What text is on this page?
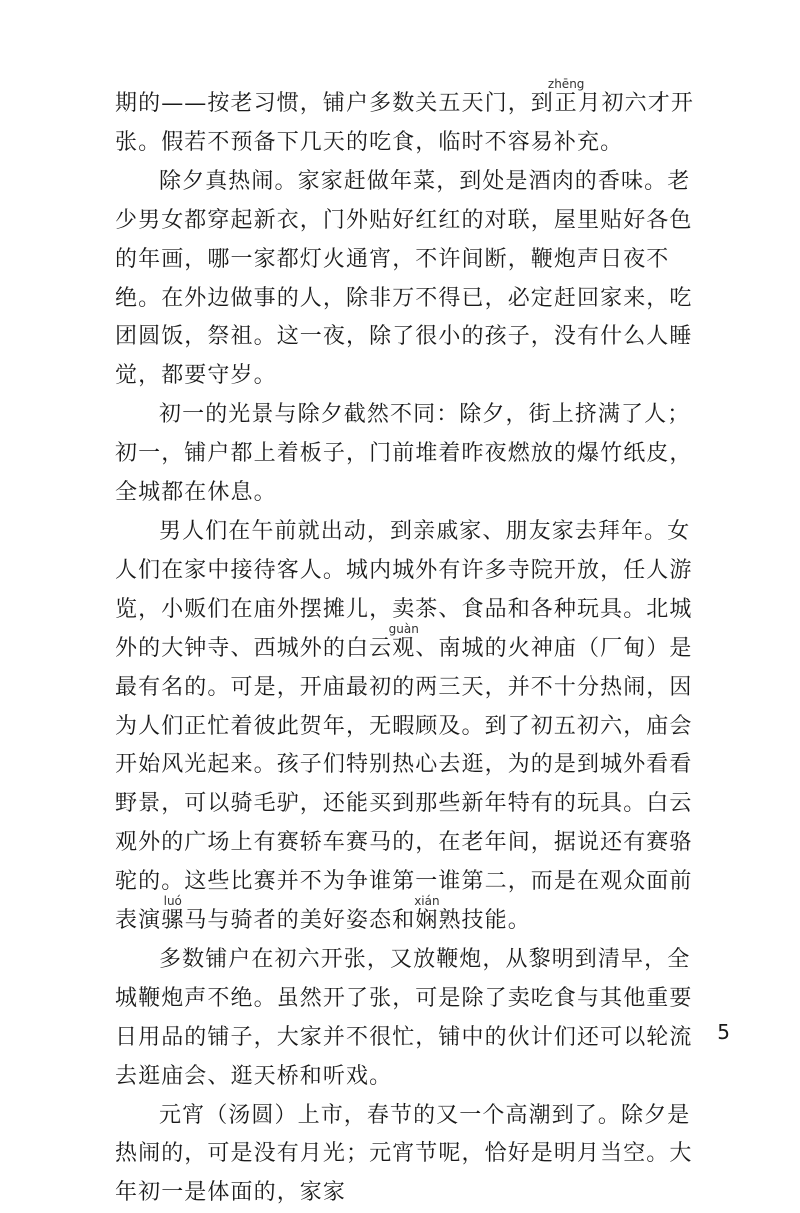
期的——按老习惯，铺户多数关五天门，到正zhēng月初六才开张。假若不预备下几天的吃食，临时不容易补充。

除夕真热闹。家家赶做年菜，到处是酒肉的香味。老少男女都穿起新衣，门外贴好红红的对联，屋里贴好各色的年画，哪一家都灯火通宵，不许间断，鞭炮声日夜不绝。在外边做事的人，除非万不得已，必定赶回家来，吃团圆饭，祭祖。这一夜，除了很小的孩子，没有什么人睡觉，都要守岁。

初一的光景与除夕截然不同：除夕，街上挤满了人；初一，铺户都上着板子，门前堆着昨夜燃放的爆竹纸皮，全城都在休息。

男人们在午前就出动，到亲戚家、朋友家去拜年。女人们在家中接待客人。城内城外有许多寺院开放，任人游览，小贩们在庙外摆摊儿，卖茶、食品和各种玩具。北城外的大钟寺、西城外的白云观guàn、南城的火神庙（厂甸）是最有名的。可是，开庙最初的两三天，并不十分热闹，因为人们正忙着彼此贺年，无暇顾及。到了初五初六，庙会开始风光起来。孩子们特别热心去逛，为的是到城外看看野景，可以骑毛驴，还能买到那些新年特有的玩具。白云观外的广场上有赛轿车赛马的，在老年间，据说还有赛骆驼的。这些比赛并不为争谁第一谁第二，而是在观众面前表演骡luó马与骑者的美好姿态和娴xián熟技能。

多数铺户在初六开张，又放鞭炮，从黎明到清早，全城鞭炮声不绝。虽然开了张，可是除了卖吃食与其他重要日用品的铺子，大家并不很忙，铺中的伙计们还可以轮流去逛庙会、逛天桥和听戏。

元宵（汤圆）上市，春节的又一个高潮到了。除夕是热闹的，可是没有月光；元宵节呢，恰好是明月当空。大年初一是体面的，家家

5
